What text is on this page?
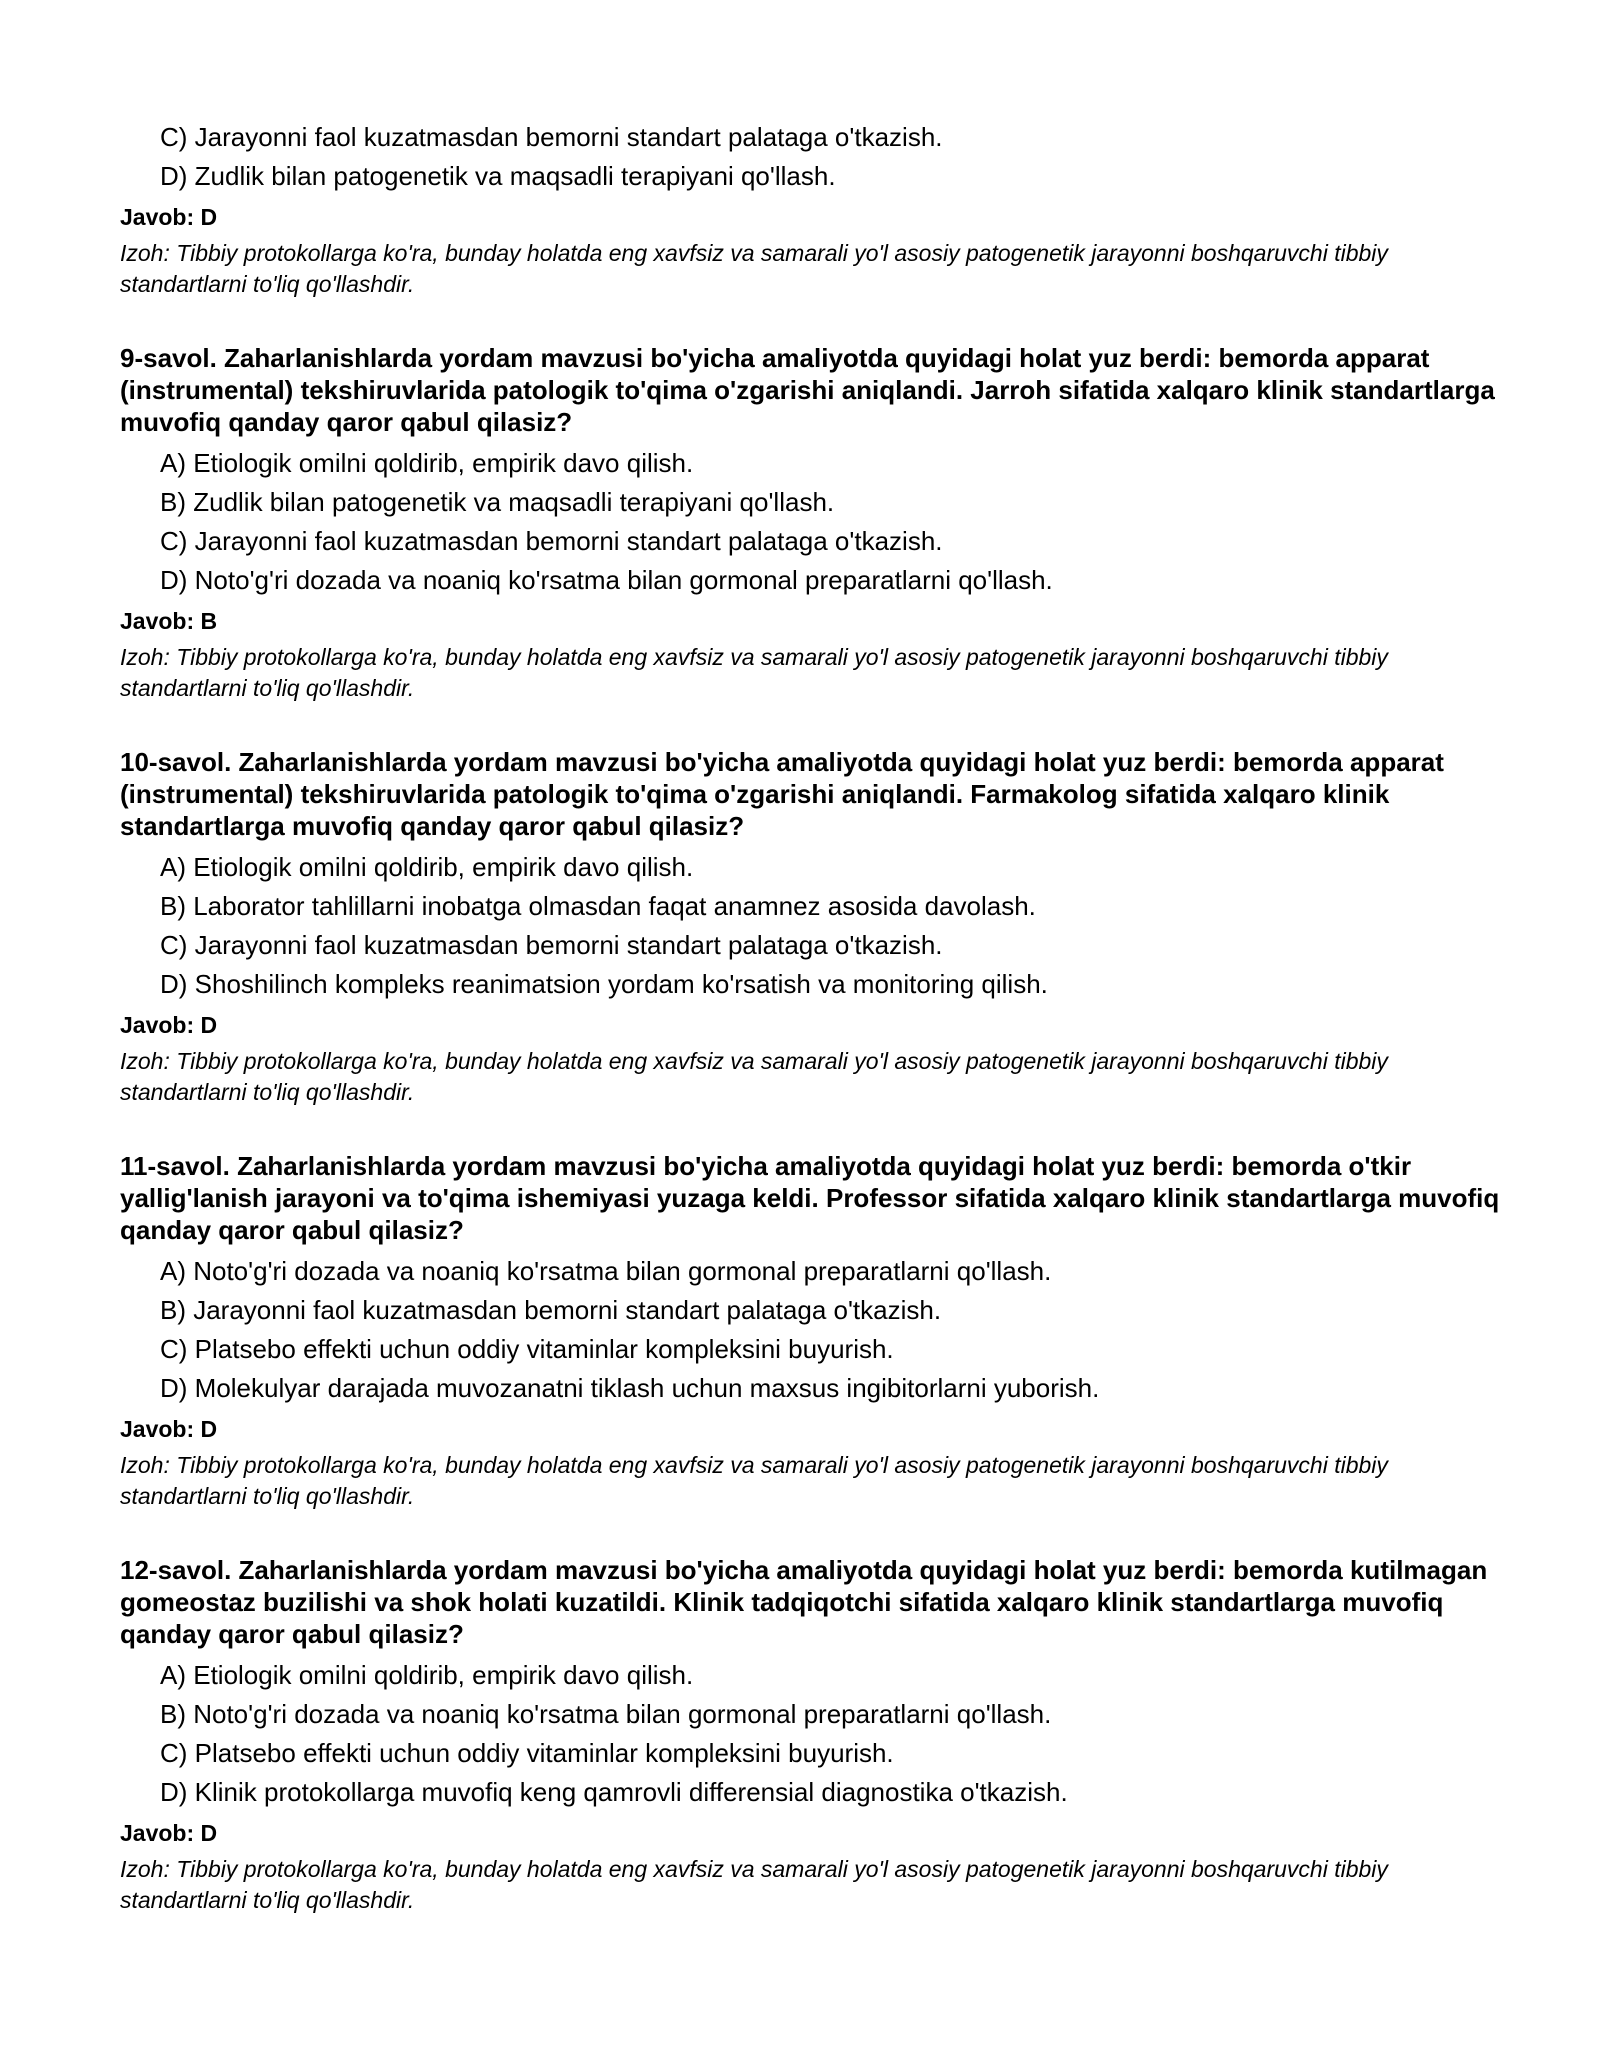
C) Jarayonni faol kuzatmasdan bemorni standart palataga o'tkazish.
D) Zudlik bilan patogenetik va maqsadli terapiyani qo'llash.
Javob: D
Izoh: Tibbiy protokollarga ko'ra, bunday holatda eng xavfsiz va samarali yo'l asosiy patogenetik jarayonni boshqaruvchi tibbiy standartlarni to'liq qo'llashdir.
9-savol. Zaharlanishlarda yordam mavzusi bo'yicha amaliyotda quyidagi holat yuz berdi: bemorda apparat (instrumental) tekshiruvlarida patologik to'qima o'zgarishi aniqlandi. Jarroh sifatida xalqaro klinik standartlarga muvofiq qanday qaror qabul qilasiz?
A) Etiologik omilni qoldirib, empirik davo qilish.
B) Zudlik bilan patogenetik va maqsadli terapiyani qo'llash.
C) Jarayonni faol kuzatmasdan bemorni standart palataga o'tkazish.
D) Noto'g'ri dozada va noaniq ko'rsatma bilan gormonal preparatlarni qo'llash.
Javob: B
Izoh: Tibbiy protokollarga ko'ra, bunday holatda eng xavfsiz va samarali yo'l asosiy patogenetik jarayonni boshqaruvchi tibbiy standartlarni to'liq qo'llashdir.
10-savol. Zaharlanishlarda yordam mavzusi bo'yicha amaliyotda quyidagi holat yuz berdi: bemorda apparat (instrumental) tekshiruvlarida patologik to'qima o'zgarishi aniqlandi. Farmakolog sifatida xalqaro klinik standartlarga muvofiq qanday qaror qabul qilasiz?
A) Etiologik omilni qoldirib, empirik davo qilish.
B) Laborator tahlillarni inobatga olmasdan faqat anamnez asosida davolash.
C) Jarayonni faol kuzatmasdan bemorni standart palataga o'tkazish.
D) Shoshilinch kompleks reanimatsion yordam ko'rsatish va monitoring qilish.
Javob: D
Izoh: Tibbiy protokollarga ko'ra, bunday holatda eng xavfsiz va samarali yo'l asosiy patogenetik jarayonni boshqaruvchi tibbiy standartlarni to'liq qo'llashdir.
11-savol. Zaharlanishlarda yordam mavzusi bo'yicha amaliyotda quyidagi holat yuz berdi: bemorda o'tkir yallig'lanish jarayoni va to'qima ishemiyasi yuzaga keldi. Professor sifatida xalqaro klinik standartlarga muvofiq qanday qaror qabul qilasiz?
A) Noto'g'ri dozada va noaniq ko'rsatma bilan gormonal preparatlarni qo'llash.
B) Jarayonni faol kuzatmasdan bemorni standart palataga o'tkazish.
C) Platsebo effekti uchun oddiy vitaminlar kompleksini buyurish.
D) Molekulyar darajada muvozanatni tiklash uchun maxsus ingibitorlarni yuborish.
Javob: D
Izoh: Tibbiy protokollarga ko'ra, bunday holatda eng xavfsiz va samarali yo'l asosiy patogenetik jarayonni boshqaruvchi tibbiy standartlarni to'liq qo'llashdir.
12-savol. Zaharlanishlarda yordam mavzusi bo'yicha amaliyotda quyidagi holat yuz berdi: bemorda kutilmagan gomeostaz buzilishi va shok holati kuzatildi. Klinik tadqiqotchi sifatida xalqaro klinik standartlarga muvofiq qanday qaror qabul qilasiz?
A) Etiologik omilni qoldirib, empirik davo qilish.
B) Noto'g'ri dozada va noaniq ko'rsatma bilan gormonal preparatlarni qo'llash.
C) Platsebo effekti uchun oddiy vitaminlar kompleksini buyurish.
D) Klinik protokollarga muvofiq keng qamrovli differensial diagnostika o'tkazish.
Javob: D
Izoh: Tibbiy protokollarga ko'ra, bunday holatda eng xavfsiz va samarali yo'l asosiy patogenetik jarayonni boshqaruvchi tibbiy standartlarni to'liq qo'llashdir.
